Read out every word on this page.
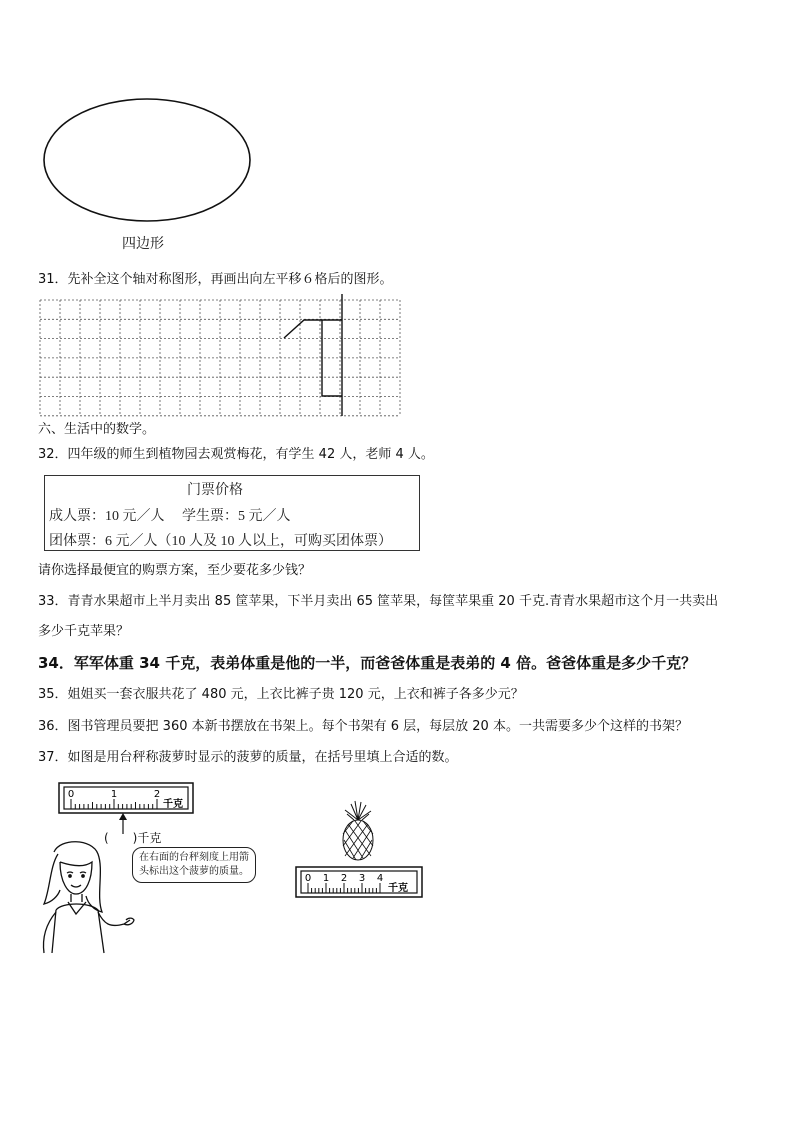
四边形
31．先补全这个轴对称图形，再画出向左平移６格后的图形。
六、生活中的数学。
32．四年级的师生到植物园去观赏梅花，有学生 42 人，老师 4 人。
门票价格
成人票：10 元／人　 学生票：5 元／人
团体票：6 元／人（10 人及 10 人以上，可购买团体票）
请你选择最便宜的购票方案，至少要花多少钱？
33．青青水果超市上半月卖出 85 筐苹果，下半月卖出 65 筐苹果，每筐苹果重 20 千克.青青水果超市这个月一共卖出
多少千克苹果？
34．军军体重 34 千克，表弟体重是他的一半，而爸爸体重是表弟的 4 倍。爸爸体重是多少千克？
35．姐姐买一套衣服共花了 480 元，上衣比裤子贵 120 元，上衣和裤子各多少元？
36．图书管理员要把 360 本新书摆放在书架上。每个书架有 6 层，每层放 20 本。一共需要多少个这样的书架？
37．如图是用台秤称菠萝时显示的菠萝的质量，在括号里填上合适的数。
0	1	2
千克
(　　)千克
在右面的台秤刻度上用箭
头标出这个菠萝的质量。
0 1 2 3 4
千克
